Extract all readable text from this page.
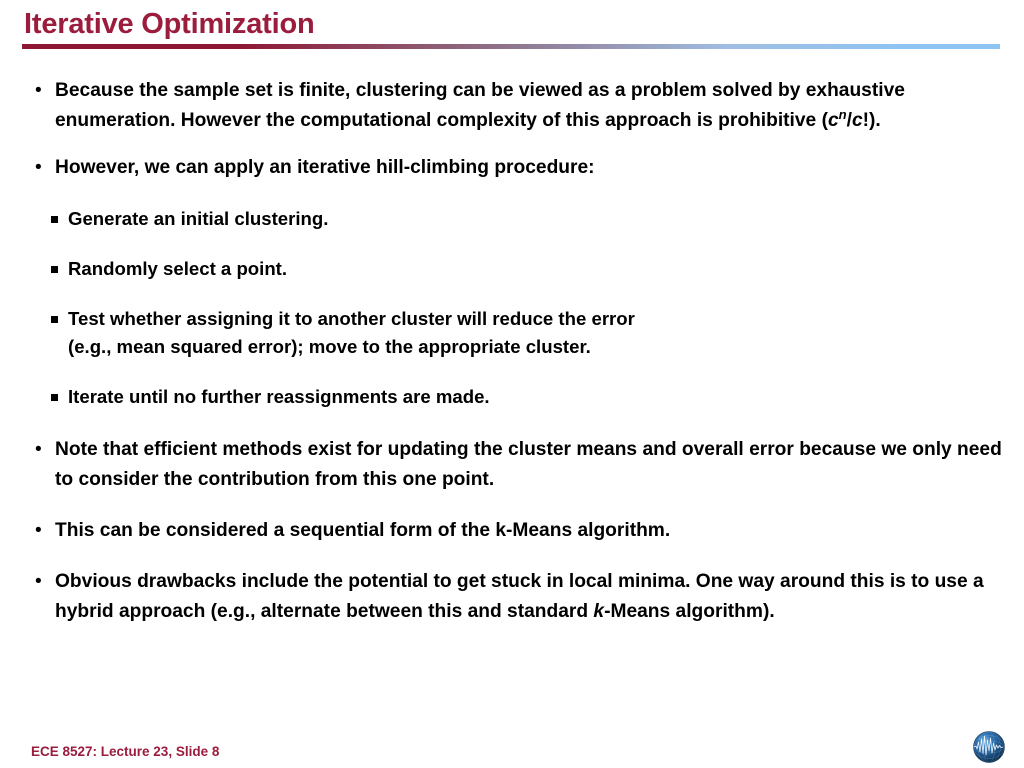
Iterative Optimization
• Because the sample set is finite, clustering can be viewed as a problem solved by exhaustive enumeration. However the computational complexity of this approach is prohibitive $(c^n/c!)$.
• However, we can apply an iterative hill-climbing procedure:
Generate an initial clustering.
Randomly select a point.
Test whether assigning it to another cluster will reduce the error
(e.g., mean squared error); move to the appropriate cluster.
Iterate until no further reassignments are made.
• Note that efficient methods exist for updating the cluster means and overall error because we only need to consider the contribution from this one point.
• This can be considered a sequential form of the k-Means algorithm.
• Obvious drawbacks include the potential to get stuck in local minima. One way around this is to use a hybrid approach (e.g., alternate between this and standard k-Means algorithm).
ECE 8527: Lecture 23, Slide 8
